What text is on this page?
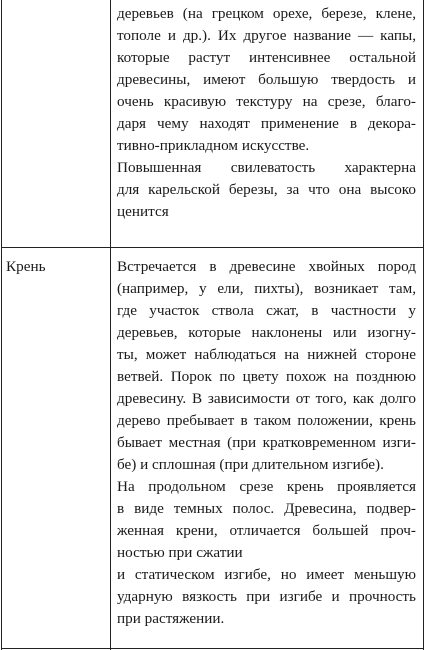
деревьев (на грецком орехе, березе, клене,
тополе и др.). Их другое название — капы,
которые растут интенсивнее остальной
древесины, имеют большую твердость и
очень красивую текстуру на срезе, благо-
даря чему находят применение в декора-
тивно-прикладном искусстве.
Повышенная свилеватость характерна
для карельской березы, за что она высоко
ценится
Крень	Встречается в древесине хвойных пород
(например, у ели, пихты), возникает там,
где участок ствола сжат, в частности у
деревьев, которые наклонены или изогну-
ты, может наблюдаться на нижней стороне
ветвей. Порок по цвету похож на позднюю
древесину. В зависимости от того, как долго
дерево пребывает в таком положении, крень
бывает местная (при кратковременном изги-
бе) и сплошная (при длительном изгибе).
На продольном срезе крень проявляется
в виде темных полос. Древесина, подвер-
женная крени, отличается большей проч-
ностью при сжатии
и статическом изгибе, но имеет меньшую
ударную вязкость при изгибе и прочность
при растяжении.
